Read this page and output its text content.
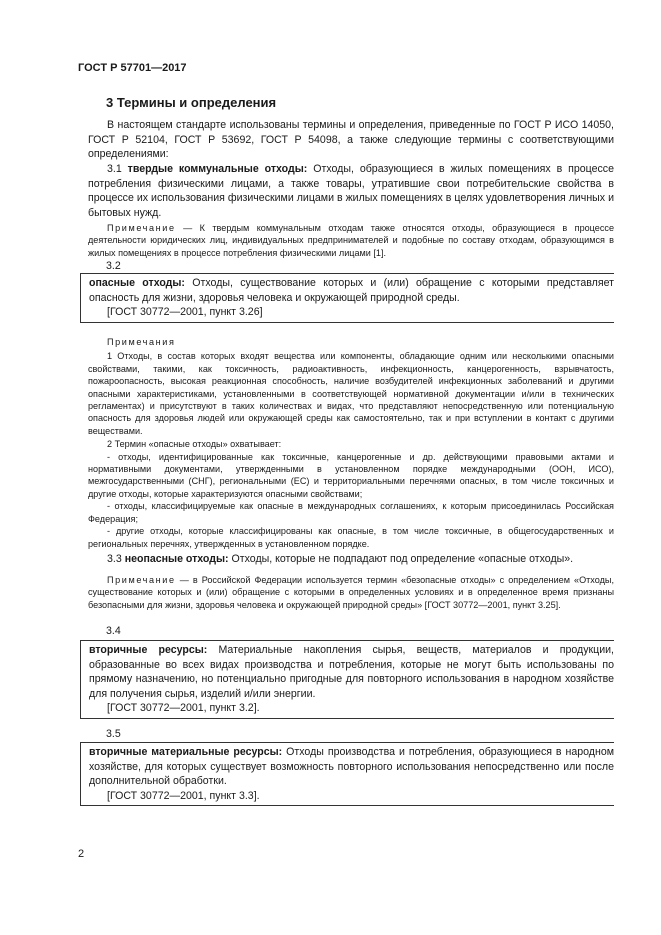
ГОСТ Р 57701—2017
3 Термины и определения

В настоящем стандарте использованы термины и определения, приведенные по ГОСТ Р ИСО 14050, ГОСТ Р 52104, ГОСТ Р 53692, ГОСТ Р 54098, а также следующие термины с соответствующими определениями:

3.1 твердые коммунальные отходы: Отходы, образующиеся в жилых помещениях в процессе потребления физическими лицами, а также товары, утратившие свои потребительские свойства в процессе их использования физическими лицами в жилых помещениях в целях удовлетворения личных и бытовых нужд.

Примечание — К твердым коммунальным отходам также относятся отходы, образующиеся в процессе деятельности юридических лиц, индивидуальных предпринимателей и подобные по составу отходам, образующимся в жилых помещениях в процессе потребления физическими лицами [1].

3.2

опасные отходы: Отходы, существование которых и (или) обращение с которыми представляет опасность для жизни, здоровья человека и окружающей природной среды.

[ГОСТ 30772—2001, пункт 3.26]

Примечания

1 Отходы, в состав которых входят вещества или компоненты, обладающие одним или несколькими опасными свойствами, такими, как токсичность, радиоактивность, инфекционность, канцерогенность, взрывчатость, пожароопасность, высокая реакционная способность, наличие возбудителей инфекционных заболеваний и другими опасными характеристиками, установленными в соответствующей нормативной документации и/или в технических регламентах) и присутствуют в таких количествах и видах, что представляют непосредственную или потенциальную опасность для здоровья людей или окружающей среды как самостоятельно, так и при вступлении в контакт с другими веществами.

2 Термин «опасные отходы» охватывает:

- отходы, идентифицированные как токсичные, канцерогенные и др. действующими правовыми актами и нормативными документами, утвержденными в установленном порядке международными (ООН, ИСО), межгосударственными (СНГ), региональными (ЕС) и территориальными перечнями опасных, в том числе токсичных и другие отходы, которые характеризуются опасными свойствами;

- отходы, классифицируемые как опасные в международных соглашениях, к которым присоединилась Российская Федерация;

- другие отходы, которые классифицированы как опасные, в том числе токсичные, в общегосударственных и региональных перечнях, утвержденных в установленном порядке.

3.3 неопасные отходы: Отходы, которые не подпадают под определение «опасные отходы».

Примечание — в Российской Федерации используется термин «безопасные отходы» с определением «Отходы, существование которых и (или) обращение с которыми в определенных условиях и в определенное время признаны безопасными для жизни, здоровья человека и окружающей природной среды» [ГОСТ 30772—2001, пункт 3.25].

3.4

вторичные ресурсы: Материальные накопления сырья, веществ, материалов и продукции, образованные во всех видах производства и потребления, которые не могут быть использованы по прямому назначению, но потенциально пригодные для повторного использования в народном хозяйстве для получения сырья, изделий и/или энергии.

[ГОСТ 30772—2001, пункт 3.2].

3.5

вторичные материальные ресурсы: Отходы производства и потребления, образующиеся в народном хозяйстве, для которых существует возможность повторного использования непосредственно или после дополнительной обработки.

[ГОСТ 30772—2001, пункт 3.3].

2
